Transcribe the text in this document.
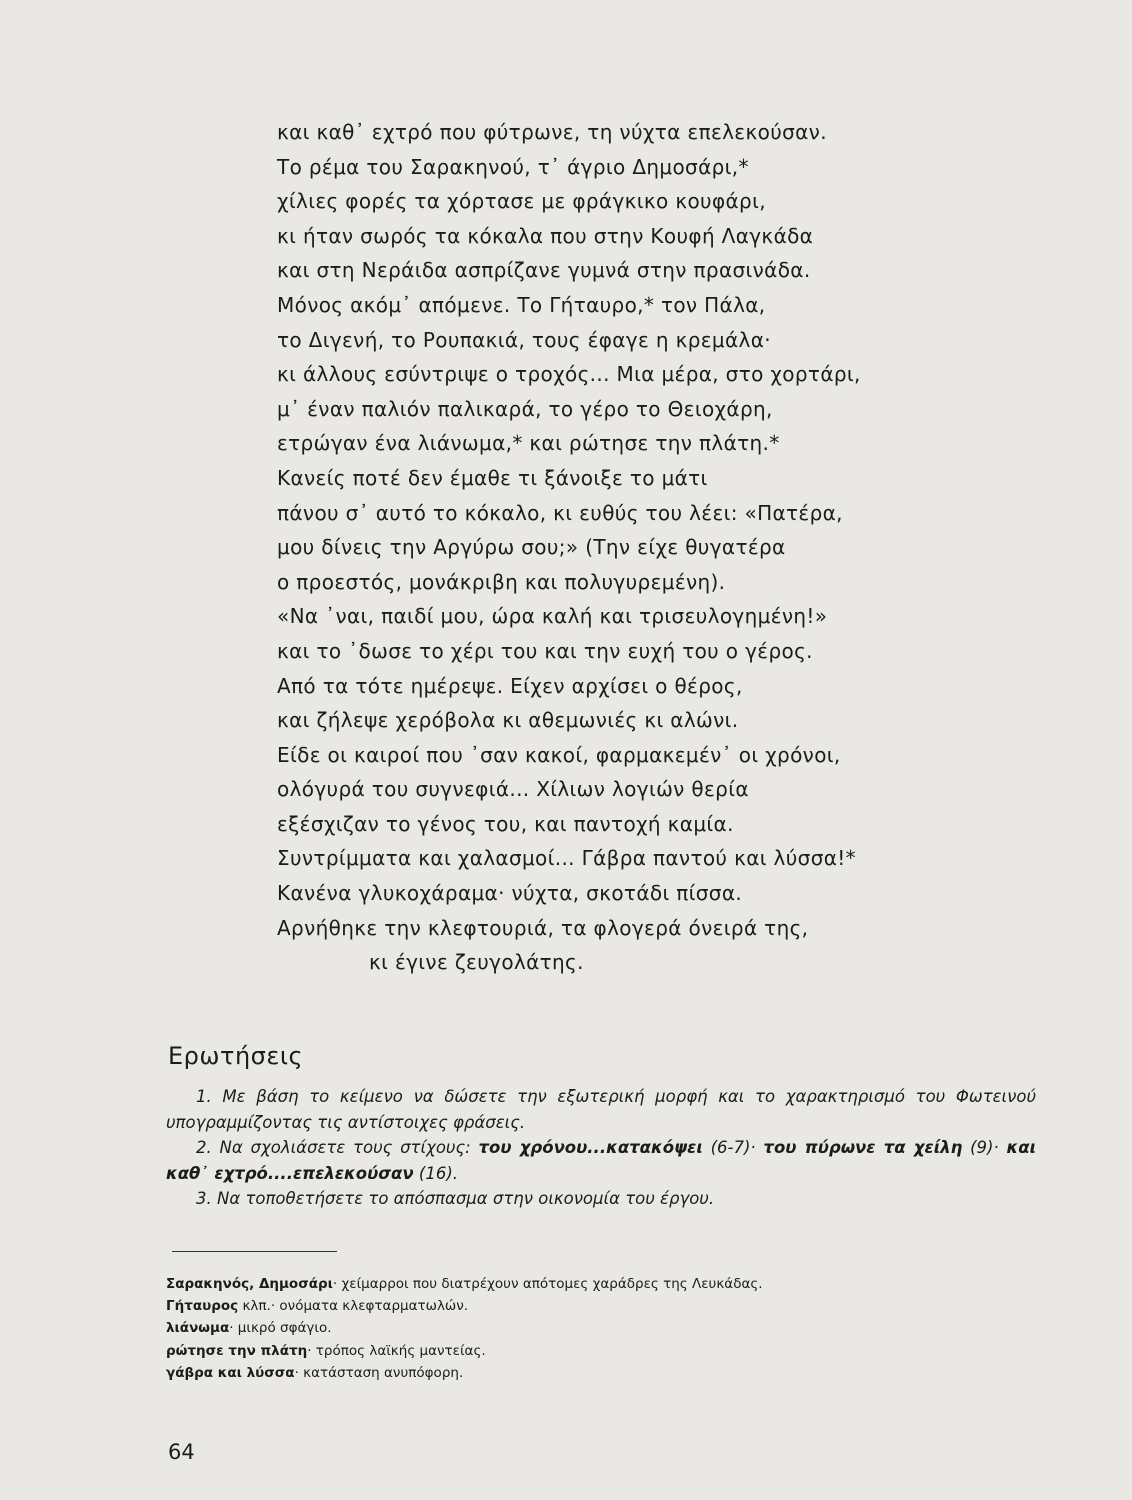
και καθ᾽ εχτρό που φύτρωνε, τη νύχτα επελεκούσαν.
Το ρέμα του Σαρακηνού, τ᾽ άγριο Δημοσάρι,*
χίλιες φορές τα χόρτασε με φράγκικο κουφάρι,
κι ήταν σωρός τα κόκαλα που στην Κουφή Λαγκάδα
και στη Νεράιδα ασπρίζανε γυμνά στην πρασινάδα.
Μόνος ακόμ᾽ απόμενε. Το Γήταυρο,* τον Πάλα,
το Διγενή, το Ρουπακιά, τους έφαγε η κρεμάλα·
κι άλλους εσύντριψε ο τροχός... Μια μέρα, στο χορτάρι,
μ᾽ έναν παλιόν παλικαρά, το γέρο το Θειοχάρη,
ετρώγαν ένα λιάνωμα,* και ρώτησε την πλάτη.*
Κανείς ποτέ δεν έμαθε τι ξάνοιξε το μάτι
πάνου σ᾽ αυτό το κόκαλο, κι ευθύς του λέει: «Πατέρα,
μου δίνεις την Αργύρω σου;» (Την είχε θυγατέρα
ο προεστός, μονάκριβη και πολυγυρεμένη).
«Να ᾽ναι, παιδί μου, ώρα καλή και τρισευλογημένη!»
και το ᾽δωσε το χέρι του και την ευχή του ο γέρος.
Από τα τότε ημέρεψε. Είχεν αρχίσει ο θέρος,
και ζήλεψε χερόβολα κι αθεμωνιές κι αλώνι.
Είδε οι καιροί που ᾽σαν κακοί, φαρμακεμέν᾽ οι χρόνοι,
ολόγυρά του συγνεφιά... Χίλιων λογιών θερία
εξέσχιζαν το γένος του, και παντοχή καμία.
Συντρίμματα και χαλασμοί... Γάβρα παντού και λύσσα!*
Κανένα γλυκοχάραμα· νύχτα, σκοτάδι πίσσα.
Αρνήθηκε την κλεφτουριά, τα φλογερά όνειρά της,
κι έγινε ζευγολάτης.
Ερωτήσεις

1. Με βάση το κείμενο να δώσετε την εξωτερική μορφή και το χαρακτηρισμό του Φωτεινού υπογραμμίζοντας τις αντίστοιχες φράσεις.

2. Να σχολιάσετε τους στίχους: του χρόνου...κατακόψει (6-7)· του πύρωνε τα χείλη (9)· και καθ᾽ εχτρό....επελεκούσαν (16).

3. Να τοποθετήσετε το απόσπασμα στην οικονομία του έργου.

Σαρακηνός, Δημοσάρι· χείμαρροι που διατρέχουν απότομες χαράδρες της Λευκάδας.
Γήταυρος κλπ.· ονόματα κλεφταρματωλών.
λιάνωμα· μικρό σφάγιο.
ρώτησε την πλάτη· τρόπος λαϊκής μαντείας.
γάβρα και λύσσα· κατάσταση ανυπόφορη.
64
